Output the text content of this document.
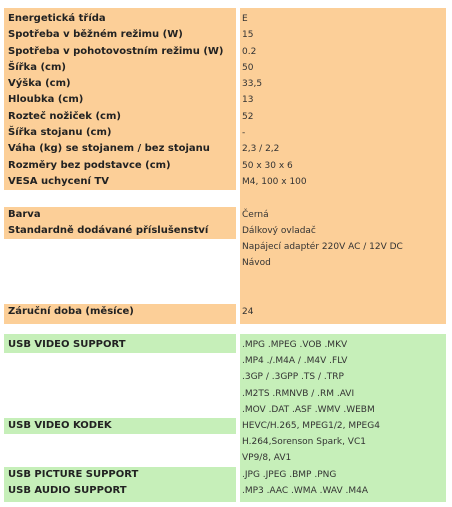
Energetická třída	E
Spotřeba v běžném režimu (W)	15
Spotřeba v pohotovostním režimu (W)	0.2
Šířka (cm)	50
Výška (cm)	33,5
Hloubka (cm)	13
Rozteč nožiček (cm)	52
Šířka stojanu (cm)	-
Váha (kg) se stojanem / bez stojanu	2,3 / 2,2
Rozměry bez podstavce (cm)	50 x 30 x 6
VESA uchycení TV	M4, 100 x 100
Barva	Černá
Standardně dodávané příslušenství	Dálkový ovladač
Napájecí adaptér 220V AC / 12V DC
Návod
Záruční doba (měsíce)	24
USB VIDEO SUPPORT	.MPG .MPEG .VOB .MKV
.MP4 ./.M4A / .M4V .FLV
.3GP / .3GPP .TS / .TRP
.M2TS .RMNVB / .RM .AVI
.MOV .DAT .ASF .WMV .WEBM
USB VIDEO KODEK	HEVC/H.265, MPEG1/2, MPEG4
H.264,Sorenson Spark, VC1
VP9/8, AV1
USB PICTURE SUPPORT	.JPG .JPEG .BMP .PNG
USB AUDIO SUPPORT	.MP3 .AAC .WMA .WAV .M4A
